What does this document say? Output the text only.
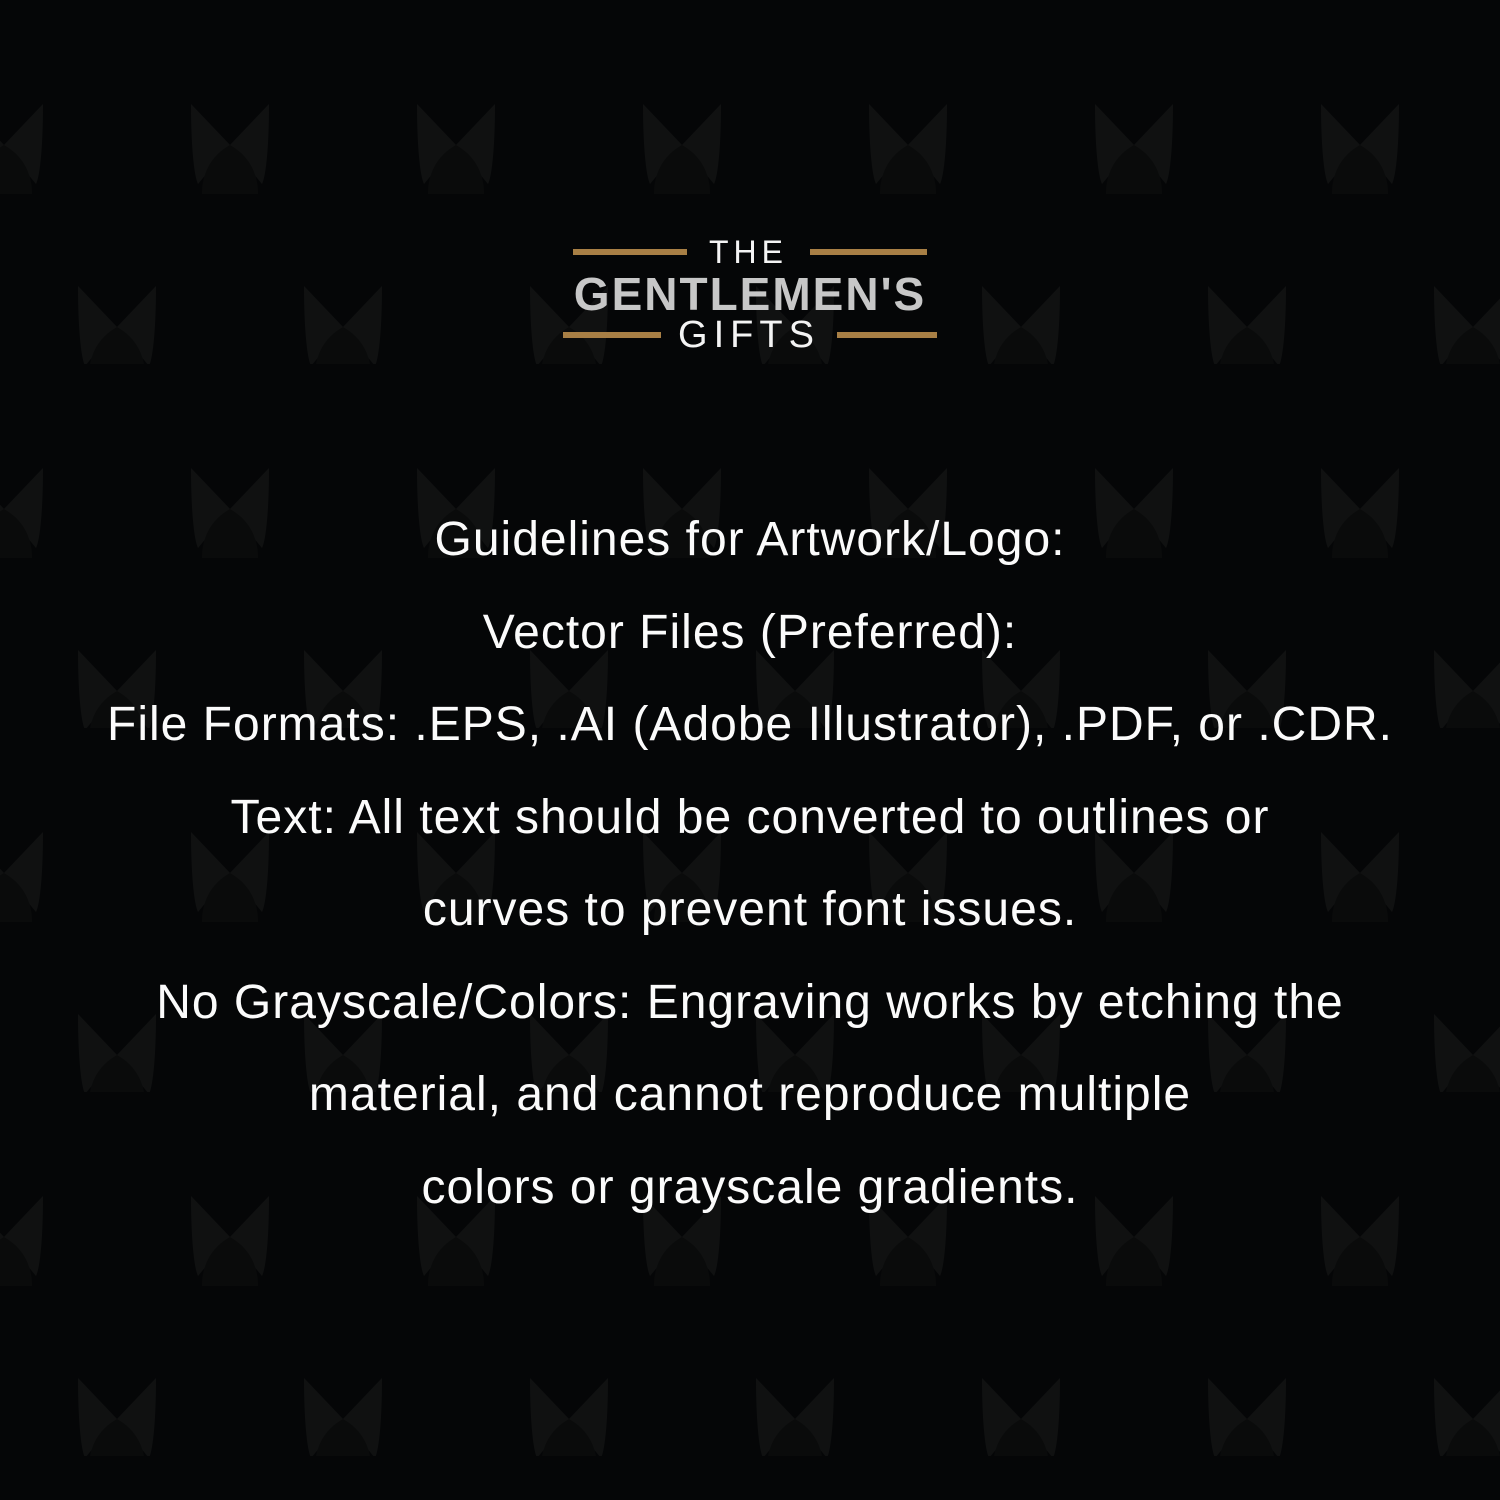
THE
GENTLEMEN'S
GIFTS

Guidelines for Artwork/Logo:

Vector Files (Preferred):

File Formats: .EPS, .AI (Adobe Illustrator), .PDF, or .CDR.

Text: All text should be converted to outlines or

curves to prevent font issues.

No Grayscale/Colors: Engraving works by etching the

material, and cannot reproduce multiple

colors or grayscale gradients.
